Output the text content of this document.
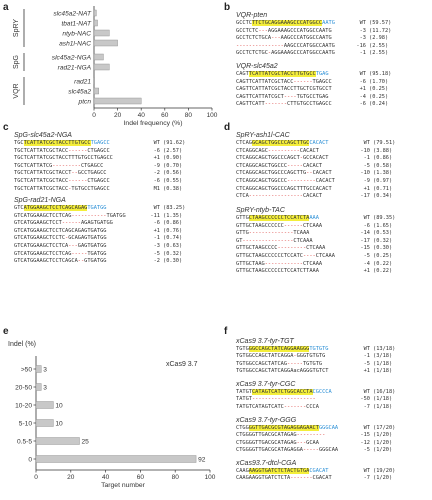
a	b
c	d
e	f
SpRY
SpG
VQR
slc45a2-NAT
tbat1-NAT
ntyb-NAC
ash1l-NAC
slc45a2-NGA
rad21-NGA
rad21
slc45a2
ptcn
0	20	40	60	80 100
Indel frequency (%)
Indel (%)
xCas9 3.7
>50 3
20-50 3
10-20	10
5-10	10
0.5-5	25
0	92
0	20	40	60	80	100
Target number
VQR-pten
GCCTCTTCTGCAGGAAAGCCCATGGCCAATG	WT (59.57)
GCCTCTC---AGGAAAGCCCATGGCCAATG	-3 (11.72)
GCCTCTCTGCA---AAGCCCATGGCCAATG	-3 (2.98)
---------------AAGCCCATGGCCAATG	-16 (2.55)
GCCTCTCTGC-AGGAAAGCCCATGGCCAATG	-1 (2.55)
VQR-slc45a2
CAGTTCATTATCGCTACCTTGTGCCTGAG	WT (95.18)
CAGTTCATTATCGCTACC------TGAGCC	-6 (1.70)
CAGTTCATTATCGCTACCTTGCTCGTGCCT	+1 (0.25)
CAGTTCATTATCGCT----TGTGCCTGAG	-4 (0.25)
CAGTTCATT-------CTTGTGCCTGAGCC	-6 (0.24)
SpG-slc45a2-NGA
TGCTCATTATCGCTACCTTGTGCCTGAGCC	WT (91.62)
TGCTCATTATCGCTACC------CTGAGCC	-6 (2.57)
TGCTCATTATCGCTACCTTTGTGCCTGAGCC	+1 (0.90)
TGCTCATTATCG---------CTGAGCC	-9 (0.70)
TGCTCATTATCGCTACCT--GCCTGAGCC	-2 (0.56)
TGCTCATTATCGCTACC------CTGAGCC	-6 (0.55)
TGCTCATTATCGCTACC-TGTGCCTGAGCC	M1 (0.38)
SpG-rad21-NGA
GTCATGGAAGCTCCTCAGCAGAGTGATGG	WT (83.25)
GTCATGGAAGCTCCTCAG-----------TGATGG	-11 (1.35)
GTCATGGAAGCTCCT------AGAGTGATGG	-6 (0.86)
GTCATGGAAGCTCCTCAGCAGAGTGATGG	+1 (0.76)
GTCATGGAAGCTCCTC-GCAGAGTGATGG	-1 (0.74)
GTCATGGAAGCTCCTCA---GAGTGATGG	-3 (0.63)
GTCATGGAAGCTCCTCAG-----TGATGG	-5 (0.32)
GTCATGGAAGCTCCTCAGCA--GTGATGG	-2 (0.30)
SpRY-ash1l-CAC
CTCAGGCAGCTGGCCCAGCTTGCCACACT	WT (79.51)
CTCAGGCAGC----------CACACT	-10 (3.88)
CTCAGGCAGCTGGCCCAGCT-GCCACACT	-1 (0.86)
CTCAGGCAGCTGGCCC-----CACACT	-5 (0.58)
CTCAGGCAGCTGGCCCAGCTTG--CACACT	-10 (1.38)
CTCAGGCAGCTGGCCC---------CACACT	-9 (0.97)
CTCAGGCAGCTGGCCCAGCTTTGCCACACT	+1 (0.71)
CTCA-----------------CACACT	-17 (0.34)
SpRY-ntyb-TAC
GTTGCTAAGCCCCCCTCCATCTAAAA	WT (89.35)
GTTGCTAAGCCCCCC------CTCAAA	-6 (1.65)
GTTG--------------TCAAA	-14 (0.53)
GT----------------CTCAAA	-17 (0.32)
GTTGCTAAGCCCC---------CTCAAA	-15 (0.30)
GTTGCTAAGCCCCCCTCCATC----CTCAAA	-5 (0.25)
GTTGCTAAG------------CTCAAA	-4 (0.22)
GTTGCTAAGCCCCCCTCCATCTTAAA	+1 (0.22)
xCas9 3.7-tyr-TGT
TGTGGGCCAGCTATCAGGAAGGGTGTGTG	WT (13/18)
TGTGGCCAGCTATCAGGA-GGGTGTGTG	-1 (3/18)
TGTGGCCAGCTATCAG-----TGTGTG	-5 (1/18)
TGTGGCCAGCTATCAGGAacAGGGTGTCT	+1 (1/18)
xCas9 3.7-tyr-CGC
TATGTCATAGTCATCTGGCACCTACGCCCA	WT (16/18)
TATGT--------------------	-50 (1/18)
TATGTCATAGTCATC-------CCCA	-7 (1/18)
xCas9 3.7-tyr-GGG
CTGGGGTTGACGCGTAGAGGAGAACTGGGCAA	WT (17/20)
CTGGGGTTGACGCATAGAG---------	-15 (1/20)
CTGGGGTTGACGCATAGAG---GCAA	-12 (1/20)
CTGGGGTTGACGCATAGAGGA-----GGGCAA	-5 (1/20)
xCas93.7-dtcl-CGA
CAAGAAGGTGATCTCTACTGTGACGACAT	WT (19/20)
CAAGAAGGTGATCTCTA-------CGACAT	-7 (1/20)
